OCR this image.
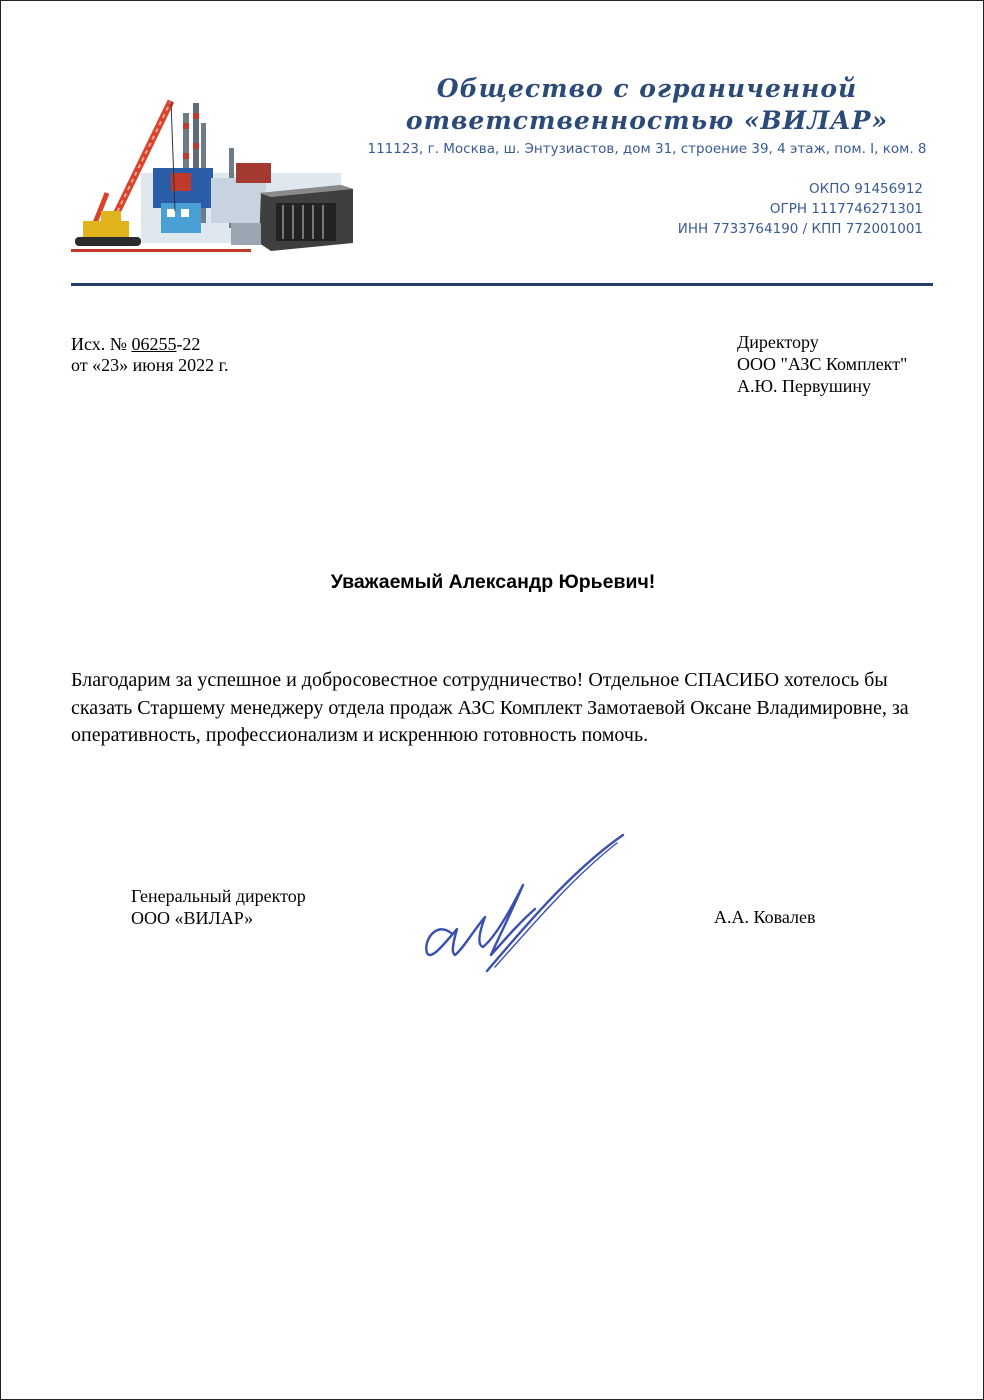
Общество с ограниченной
ответственностью «ВИЛАР»
111123, г. Москва, ш. Энтузиастов, дом 31, строение 39, 4 этаж, пом. I, ком. 8
ОКПО 91456912
ОГРН 1117746271301
ИНН 7733764190 / КПП 772001001
Исх. № 06255-22
от «23» июня 2022 г.
Директору
ООО "АЗС Комплект"
А.Ю. Первушину
Уважаемый Александр Юрьевич!
Благодарим за успешное и добросовестное сотрудничество! Отдельное СПАСИБО хотелось бы сказать Старшему менеджеру отдела продаж АЗС Комплект Замотаевой Оксане Владимировне, за оперативность, профессионализм и искреннюю готовность помочь.
Генеральный директор
ООО «ВИЛАР»	А.А. Ковалев
